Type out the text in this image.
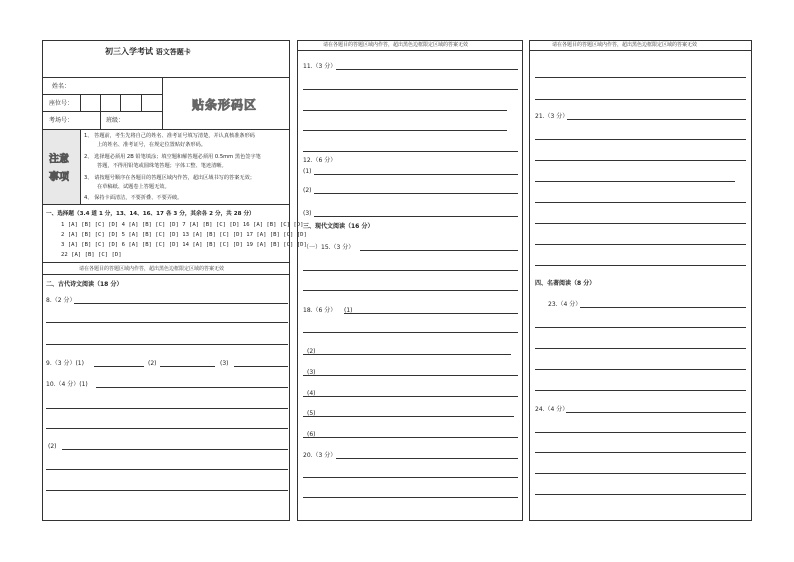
初三入学考试 语文答题卡
姓名：
座位号：
考场号：	班级：
贴条形码区
注意
事项
1、 答题前，考生先将自己的姓名、准考证号填写清楚，并认真核准条形码
上的姓名、准考证号，在规定位置贴好条形码。
2、 选择题必须用 2B 铅笔填涂；填空题和解答题必须用 0.5mm 黑色签字笔
答题，不得用铅笔或圆珠笔答题；字体工整、笔迹清晰。
3、 请按题号顺序在各题目的答题区域内作答，超出区域书写的答案无效；
在草稿纸、试题卷上答题无效。
4、 保持卡面清洁，不要折叠、不要弄破。
一、选择题（3.4 道 1 分，13、14、16、17 各 3 分，其余各 2 分，共 28 分）
1 [A] [B] [C] [D] 4 [A] [B] [C] [D] 7 [A] [B] [C] [D] 16 [A] [B] [C] [D]
2 [A] [B] [C] [D] 5 [A] [B] [C] [D] 13 [A] [B] [C] [D] 17 [A] [B] [C] [D]
3 [A] [B] [C] [D] 6 [A] [B] [C] [D] 14 [A] [B] [C] [D] 19 [A] [B] [C] [D]
22 [A] [B] [C] [D]
请在各题目的答题区域内作答，超出黑色边框限定区域的答案无效
二、古代诗文阅读（18 分）
8.（2 分）
9.（3 分）(1)	(2)	(3)
10.（4 分）(1)
(2)
请在各题目的答题区域内作答，超出黑色边框限定区域的答案无效
11.（3 分）
12.（6 分）
(1)
(2)
(3)
三、现代文阅读（16 分）
（一）15.（3 分）
18.（6 分） (1)
(2)
(3)
(4)
(5)
(6)
20.（3 分）
请在各题目的答题区域内作答，超出黑色边框限定区域的答案无效
21.（3 分）
四、名著阅读（8 分）
23.（4 分）
24.（4 分）
